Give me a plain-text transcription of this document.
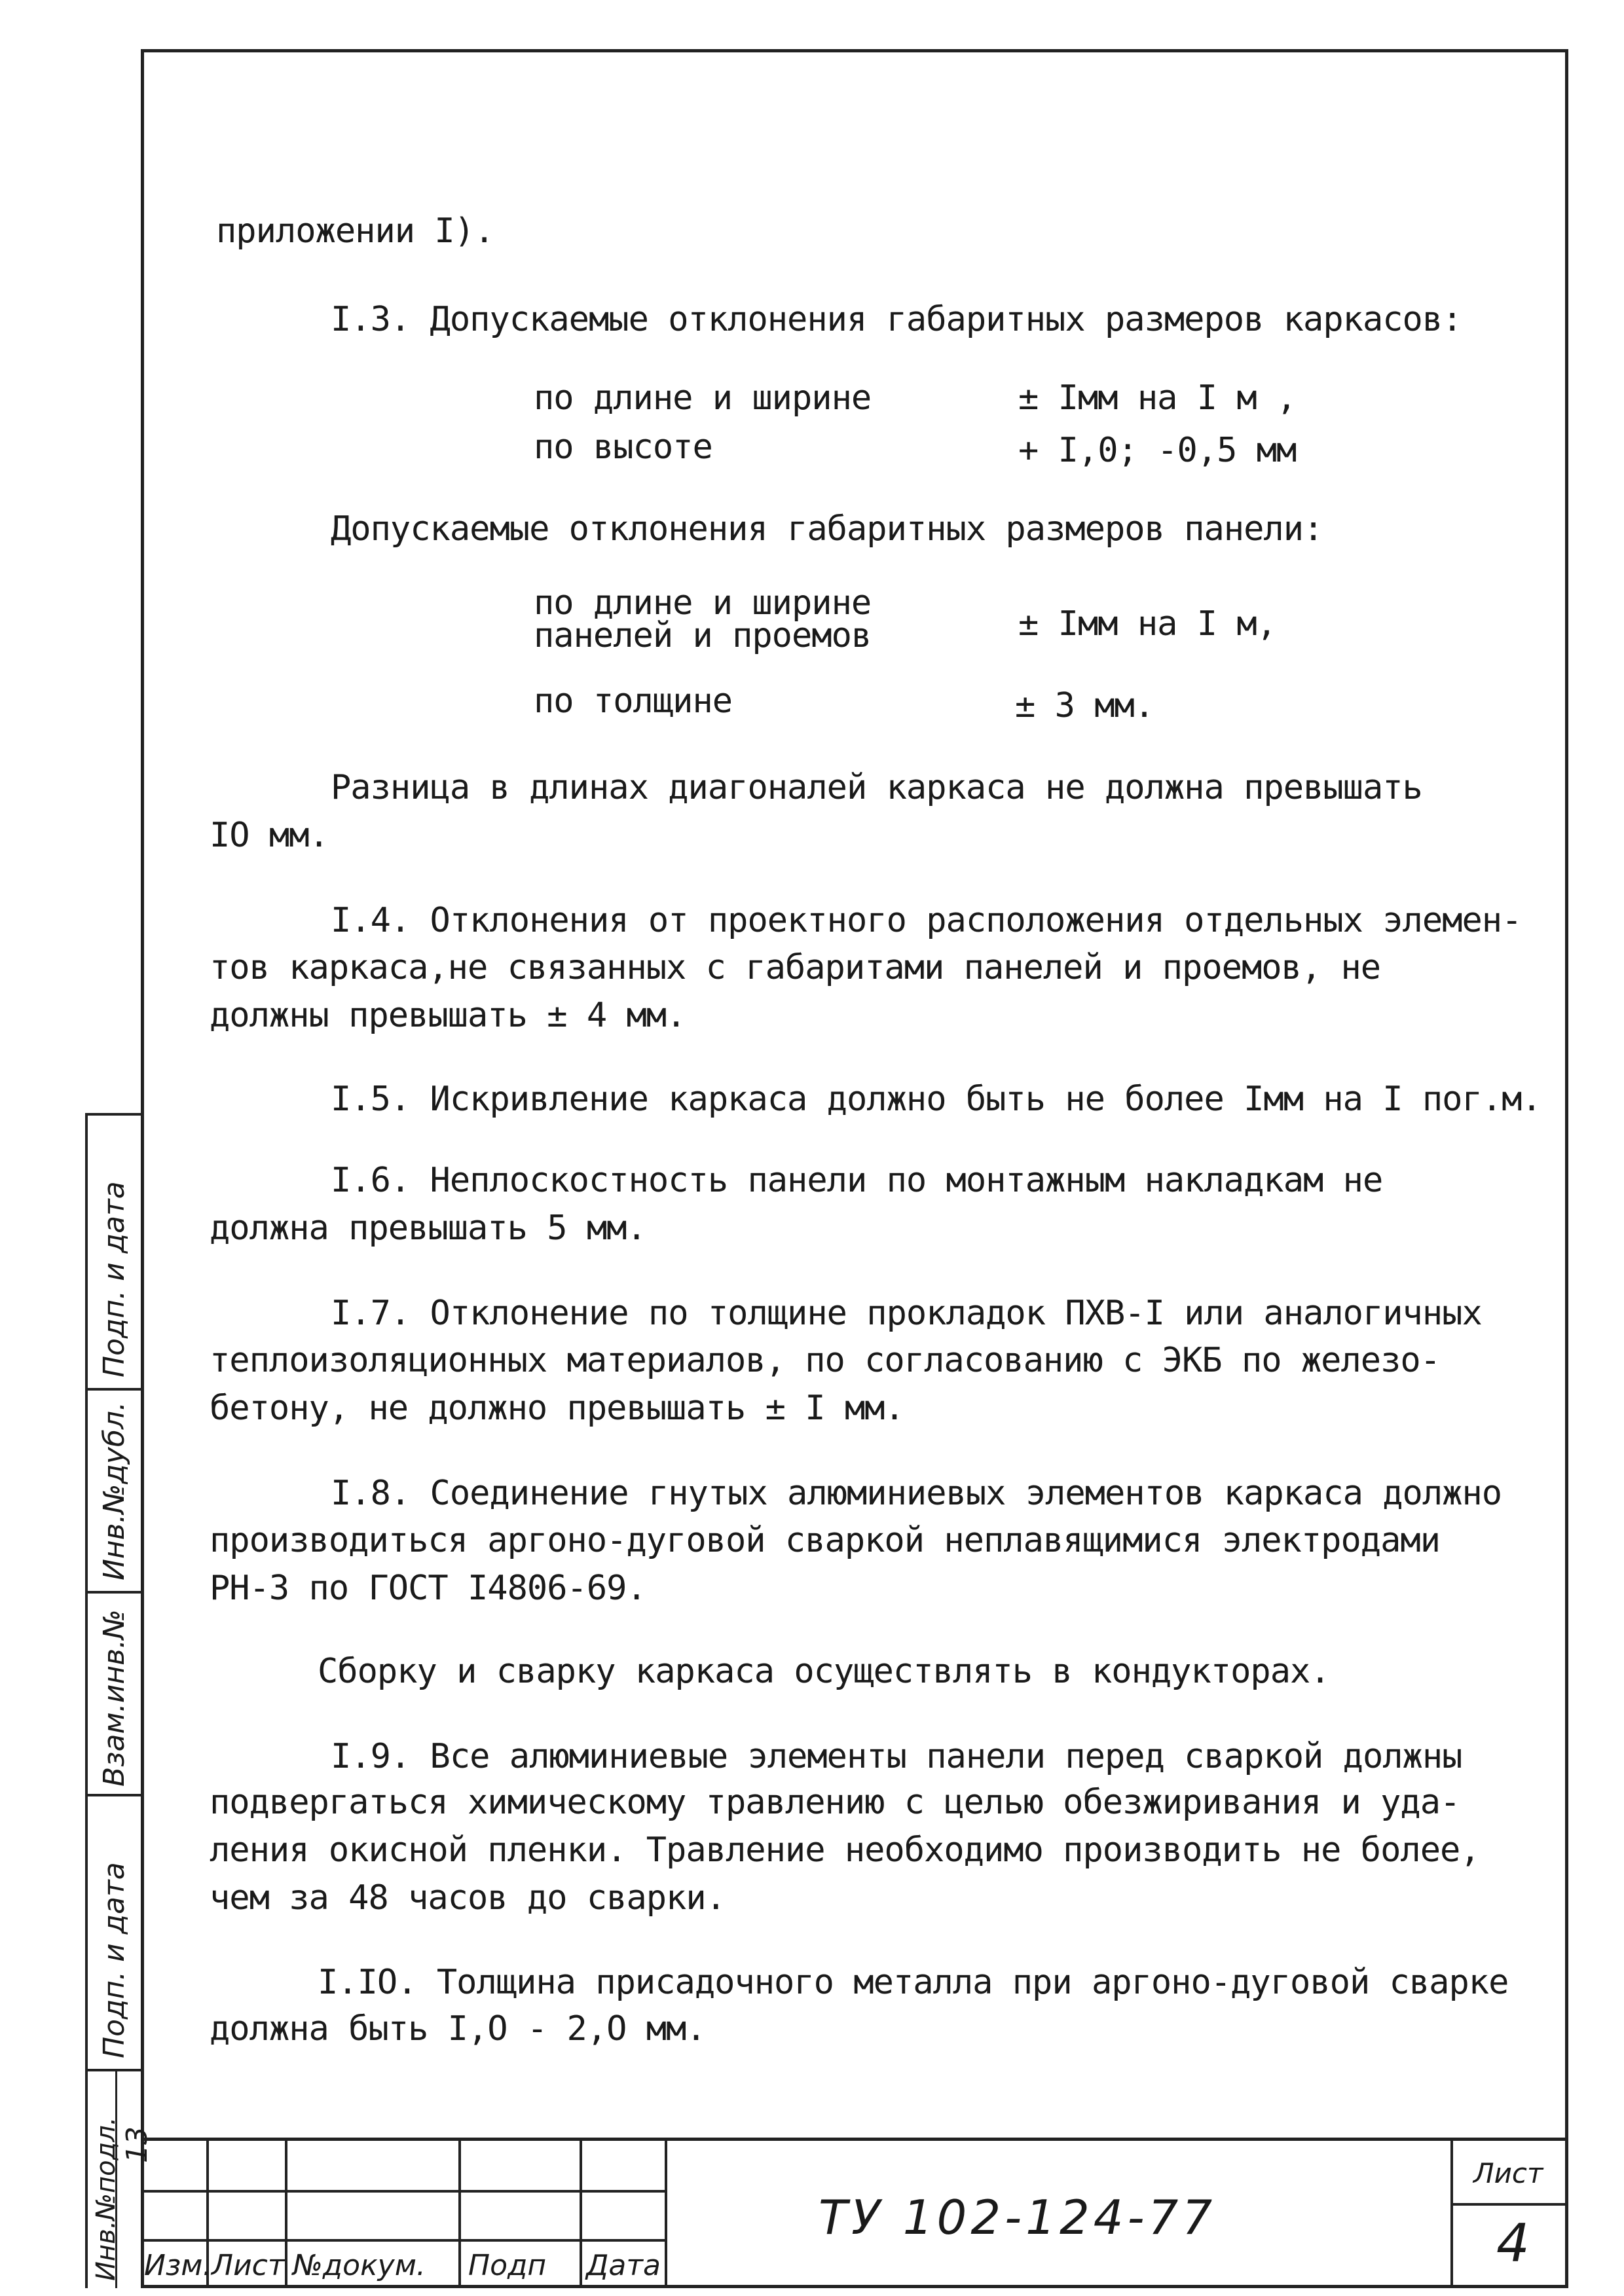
приложении I).
I.3. Допускаемые отклонения габаритных размеров каркасов:
по длине и ширине	± Iмм на I м ,
по высоте	+ I,0; -0,5 мм
Допускаемые отклонения габаритных размеров панели:
по длине и ширине
панелей и проемов	± Iмм на I м,
по толщине	± 3 мм.
Разница в длинах диагоналей каркаса не должна превышать
IO мм.
I.4. Отклонения от проектного расположения отдельных элемен-
тов каркаса,не связанных с габаритами панелей и проемов, не
должны превышать ± 4 мм.
I.5. Искривление каркаса должно быть не более Iмм на I пог.м.
I.6. Неплоскостность панели по монтажным накладкам не
должна превышать 5 мм.
I.7. Отклонение по толщине прокладок ПХВ-I или аналогичных
теплоизоляционных материалов, по согласованию с ЭКБ по железо-
бетону, не должно превышать ± I мм.
I.8. Соединение гнутых алюминиевых элементов каркаса должно
производиться аргоно-дуговой сваркой неплавящимися электродами
РН-3 по ГОСТ I4806-69.
Сборку и сварку каркаса осуществлять в кондукторах.
I.9. Все алюминиевые элементы панели перед сваркой должны
подвергаться химическому травлению с целью обезжиривания и уда-
ления окисной пленки. Травление необходимо производить не более,
чем за 48 часов до сварки.
I.IO. Толщина присадочного металла при аргоно-дуговой сварке
должна быть I,O - 2,O мм.
Подп. и дата
Инв.№дубл.
Взам.инв.№
Подп. и дата
Инв.№подл. 13
Изм. Лист №докум. Подп Дата
ТУ 102-124-77
Лист
4
